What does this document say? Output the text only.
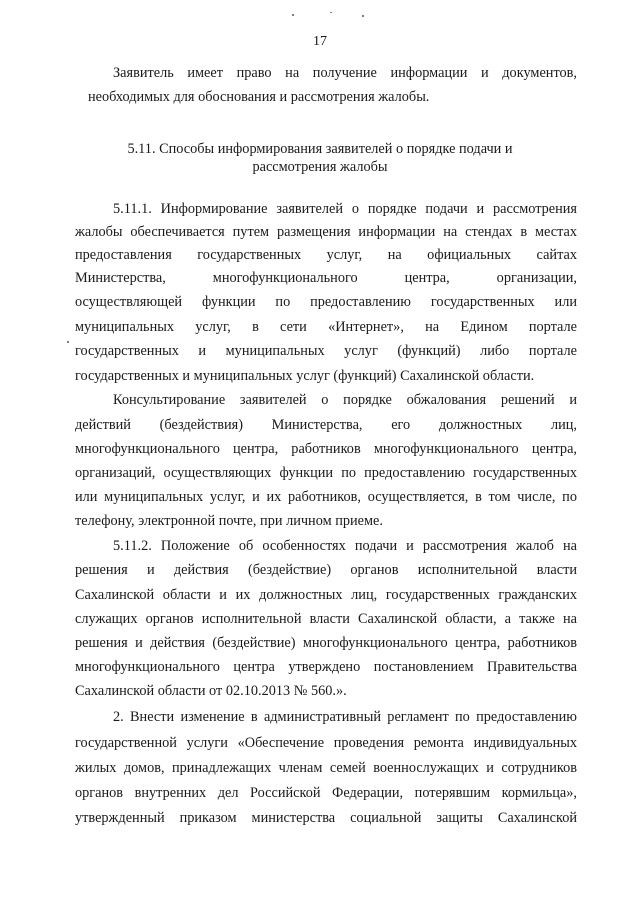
17
Заявитель имеет право на получение информации и документов,
необходимых для обоснования и рассмотрения жалобы.
5.11. Способы информирования заявителей о порядке подачи и
рассмотрения жалобы
5.11.1. Информирование заявителей о порядке подачи и рассмотрения
жалобы обеспечивается путем размещения информации на стендах в местах
предоставления государственных услуг, на официальных сайтах
Министерства, многофункционального центра, организации,
осуществляющей функции по предоставлению государственных или
муниципальных услуг, в сети «Интернет», на Едином портале
государственных и муниципальных услуг (функций) либо портале
государственных и муниципальных услуг (функций) Сахалинской области.
Консультирование заявителей о порядке обжалования решений и
действий (бездействия) Министерства, его должностных лиц,
многофункционального центра, работников многофункционального центра,
организаций, осуществляющих функции по предоставлению государственных
или муниципальных услуг, и их работников, осуществляется, в том числе, по
телефону, электронной почте, при личном приеме.
5.11.2. Положение об особенностях подачи и рассмотрения жалоб на
решения и действия (бездействие) органов исполнительной власти
Сахалинской области и их должностных лиц, государственных гражданских
служащих органов исполнительной власти Сахалинской области, а также на
решения и действия (бездействие) многофункционального центра, работников
многофункционального центра утверждено постановлением Правительства
Сахалинской области от 02.10.2013 № 560.».
2. Внести изменение в административный регламент по предоставлению
государственной услуги «Обеспечение проведения ремонта индивидуальных
жилых домов, принадлежащих членам семей военнослужащих и сотрудников
органов внутренних дел Российской Федерации, потерявшим кормильца»,
утвержденный приказом министерства социальной защиты Сахалинской
